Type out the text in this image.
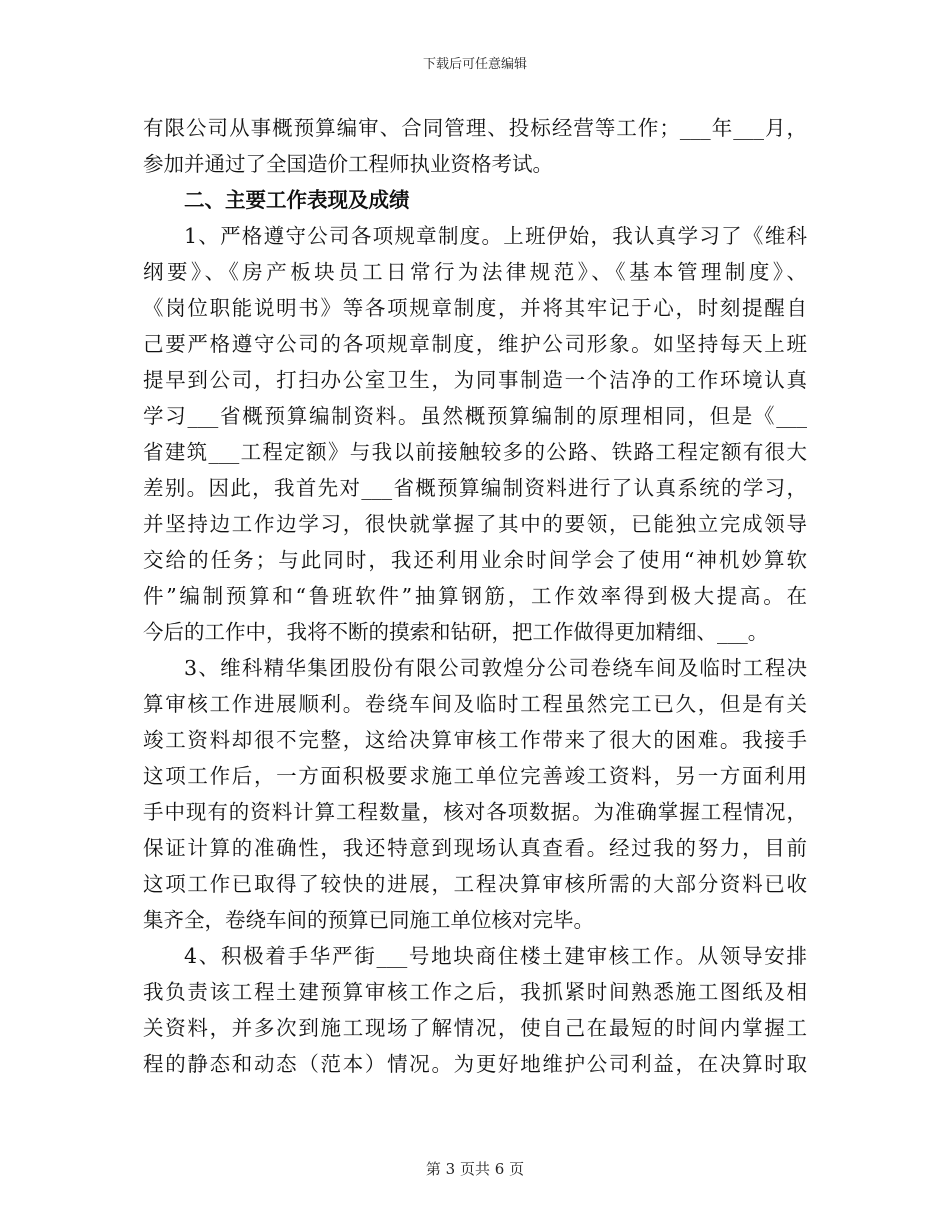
下载后可任意编辑
有限公司从事概预算编审、合同管理、投标经营等工作；___年___月，
参加并通过了全国造价工程师执业资格考试。
二、主要工作表现及成绩
1、严格遵守公司各项规章制度。上班伊始，我认真学习了《维科
纲要》、《房产板块员工日常行为法律规范》、《基本管理制度》、
《岗位职能说明书》等各项规章制度，并将其牢记于心，时刻提醒自
己要严格遵守公司的各项规章制度，维护公司形象。如坚持每天上班
提早到公司，打扫办公室卫生，为同事制造一个洁净的工作环境认真
学习___省概预算编制资料。虽然概预算编制的原理相同，但是《___
省建筑___工程定额》与我以前接触较多的公路、铁路工程定额有很大
差别。因此，我首先对___省概预算编制资料进行了认真系统的学习，
并坚持边工作边学习，很快就掌握了其中的要领，已能独立完成领导
交给的任务；与此同时，我还利用业余时间学会了使用“神机妙算软
件”编制预算和“鲁班软件”抽算钢筋，工作效率得到极大提高。在
今后的工作中，我将不断的摸索和钻研，把工作做得更加精细、___。
3、维科精华集团股份有限公司敦煌分公司卷绕车间及临时工程决
算审核工作进展顺利。卷绕车间及临时工程虽然完工已久，但是有关
竣工资料却很不完整，这给决算审核工作带来了很大的困难。我接手
这项工作后，一方面积极要求施工单位完善竣工资料，另一方面利用
手中现有的资料计算工程数量，核对各项数据。为准确掌握工程情况，
保证计算的准确性，我还特意到现场认真查看。经过我的努力，目前
这项工作已取得了较快的进展，工程决算审核所需的大部分资料已收
集齐全，卷绕车间的预算已同施工单位核对完毕。
4、积极着手华严街___号地块商住楼土建审核工作。从领导安排
我负责该工程土建预算审核工作之后，我抓紧时间熟悉施工图纸及相
关资料，并多次到施工现场了解情况，使自己在最短的时间内掌握工
程的静态和动态（范本）情况。为更好地维护公司利益，在决算时取
第 3 页共 6 页
